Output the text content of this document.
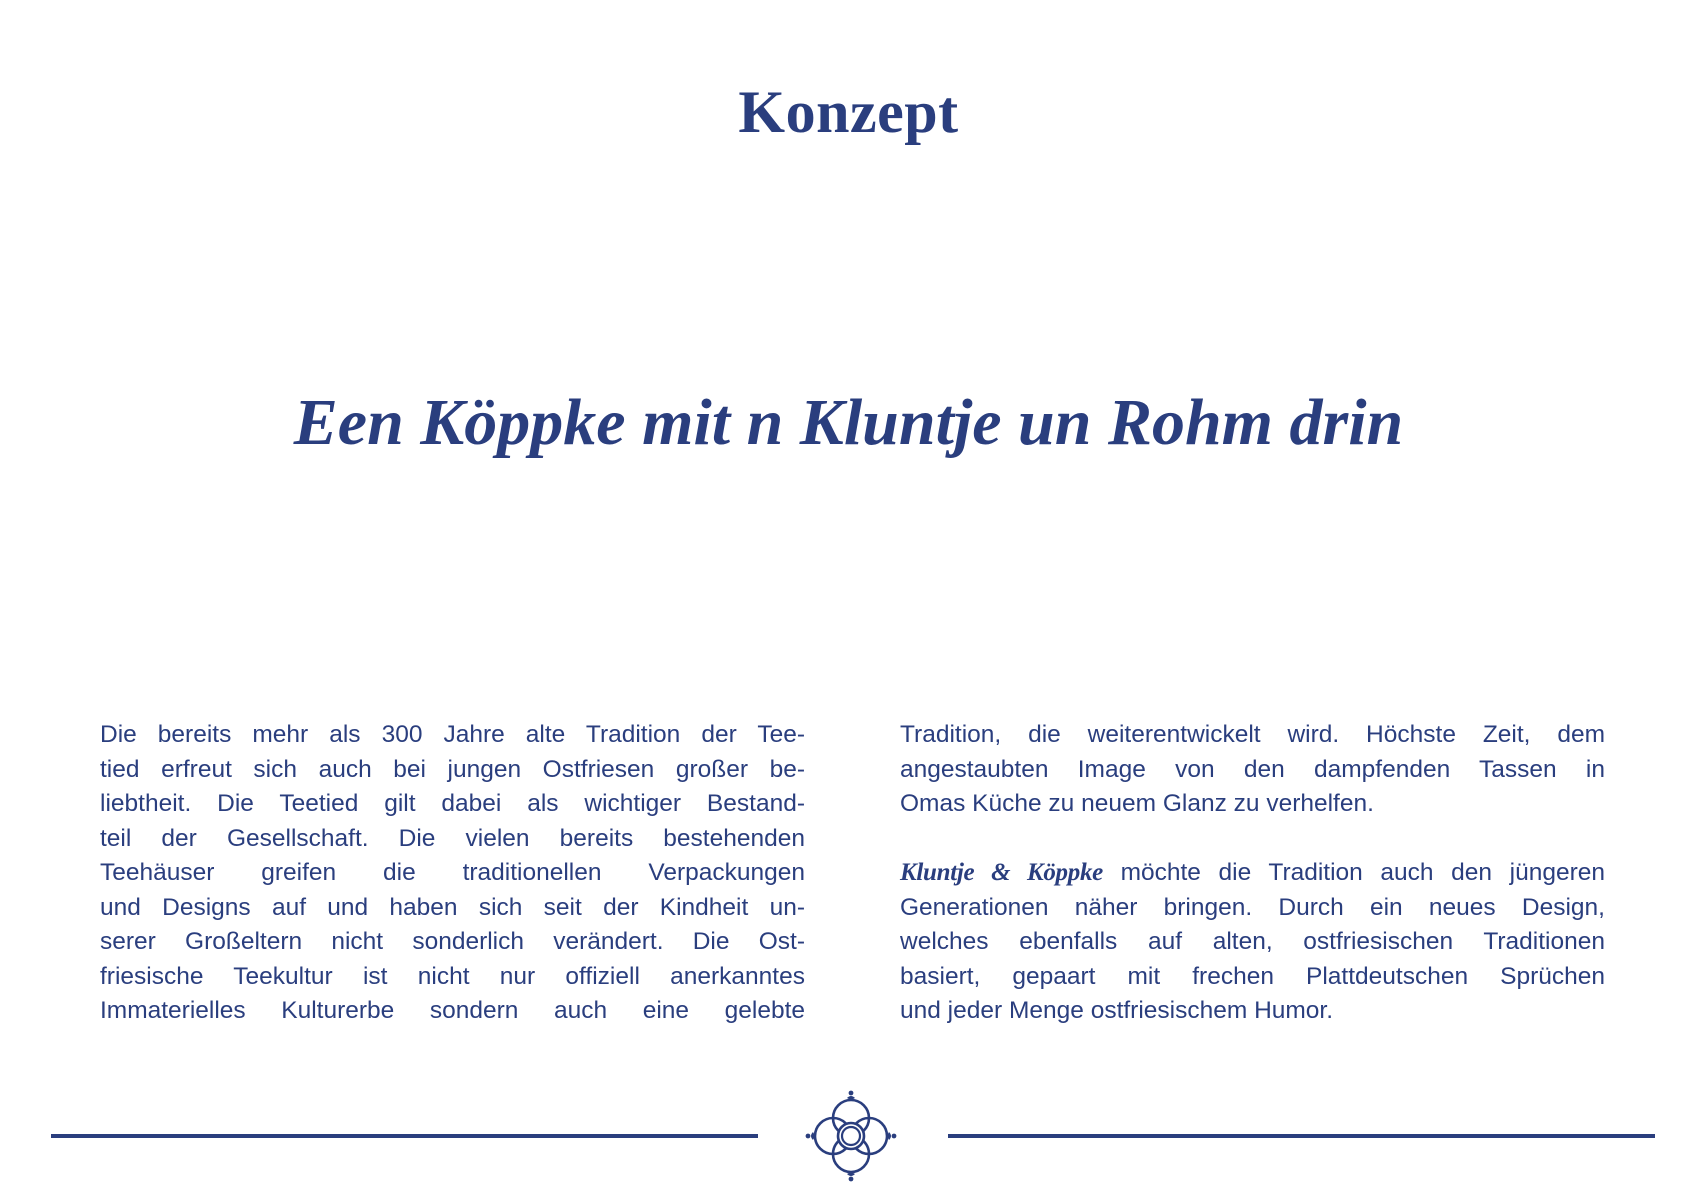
Konzept
Een Köppke mit n Kluntje un Rohm drin
Die bereits mehr als 300 Jahre alte Tradition der Tee-
tied erfreut sich auch bei jungen Ostfriesen großer be-
liebtheit. Die Teetied gilt dabei als wichtiger Bestand-
teil der Gesellschaft. Die vielen bereits bestehenden
Teehäuser greifen die traditionellen Verpackungen
und Designs auf und haben sich seit der Kindheit un-
serer Großeltern nicht sonderlich verändert. Die Ost-
friesische Teekultur ist nicht nur offiziell anerkanntes
Immaterielles Kulturerbe sondern auch eine gelebte
Tradition, die weiterentwickelt wird. Höchste Zeit, dem
angestaubten Image von den dampfenden Tassen in
Omas Küche zu neuem Glanz zu verhelfen.
Kluntje & Köppke möchte die Tradition auch den jüngeren
Generationen näher bringen. Durch ein neues Design,
welches ebenfalls auf alten, ostfriesischen Traditionen
basiert, gepaart mit frechen Plattdeutschen Sprüchen
und jeder Menge ostfriesischem Humor.
